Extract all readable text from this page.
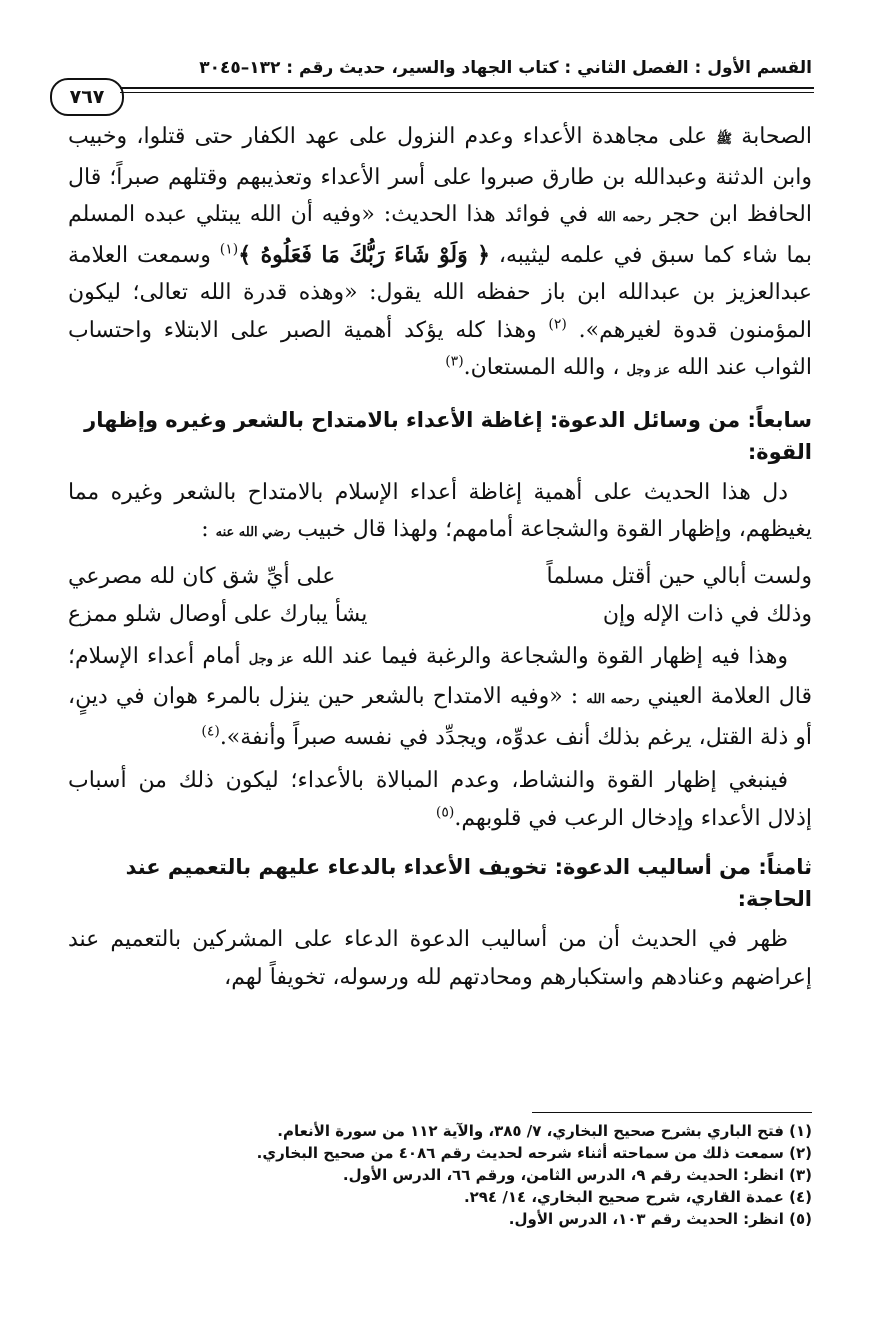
القسم الأول : الفصل الثاني : كتاب الجهاد والسير، حديث رقم : ١٣٢–٣٠٤٥
٧٦٧

الصحابة ﷺ على مجاهدة الأعداء وعدم النزول على عهد الكفار حتى قتلوا، وخبيب وابن الدثنة وعبدالله بن طارق صبروا على أسر الأعداء وتعذيبهم وقتلهم صبراً؛ قال الحافظ ابن حجر رحمه الله في فوائد هذا الحديث: «وفيه أن الله يبتلي عبده المسلم بما شاء كما سبق في علمه ليثيبه، ﴿ وَلَوْ شَاءَ رَبُّكَ مَا فَعَلُوهُ ﴾$^{(١)}$ وسمعت العلامة عبدالعزيز بن عبدالله ابن باز حفظه الله يقول: «وهذه قدرة الله تعالى؛ ليكون المؤمنون قدوة لغيرهم». $^{(٢)}$ وهذا كله يؤكد أهمية الصبر على الابتلاء واحتساب الثواب عند الله عز وجل ، والله المستعان.$^{(٣)}$

سابعاً: من وسائل الدعوة: إغاظة الأعداء بالامتداح بالشعر وغيره وإظهار القوة:

دل هذا الحديث على أهمية إغاظة أعداء الإسلام بالامتداح بالشعر وغيره مما يغيظهم، وإظهار القوة والشجاعة أمامهم؛ ولهذا قال خبيب رضي الله عنه :

ولست أبالي حين أقتل مسلماً
على أيِّ شق كان لله مصرعي
وذلك في ذات الإله وإن
يشأ يبارك على أوصال شلو ممزع

وهذا فيه إظهار القوة والشجاعة والرغبة فيما عند الله عز وجل أمام أعداء الإسلام؛ قال العلامة العيني رحمه الله : «وفيه الامتداح بالشعر حين ينزل بالمرء هوان في دينٍ، أو ذلة القتل، يرغم بذلك أنف عدوِّه، ويجدِّد في نفسه صبراً وأنفة».$^{(٤)}$

فينبغي إظهار القوة والنشاط، وعدم المبالاة بالأعداء؛ ليكون ذلك من أسباب إذلال الأعداء وإدخال الرعب في قلوبهم.$^{(٥)}$

ثامناً: من أساليب الدعوة: تخويف الأعداء بالدعاء عليهم بالتعميم عند الحاجة:

ظهر في الحديث أن من أساليب الدعوة الدعاء على المشركين بالتعميم عند إعراضهم وعنادهم واستكبارهم ومحادتهم لله ورسوله، تخويفاً لهم،

(١) فتح الباري بشرح صحيح البخاري، ٧/ ٣٨٥، والآية ١١٢ من سورة الأنعام.
(٢) سمعت ذلك من سماحته أثناء شرحه لحديث رقم ٤٠٨٦ من صحيح البخاري.
(٣) انظر: الحديث رقم ٩، الدرس الثامن، ورقم ٦٦، الدرس الأول.
(٤) عمدة القاري، شرح صحيح البخاري، ١٤/ ٢٩٤.
(٥) انظر: الحديث رقم ١٠٣، الدرس الأول.
